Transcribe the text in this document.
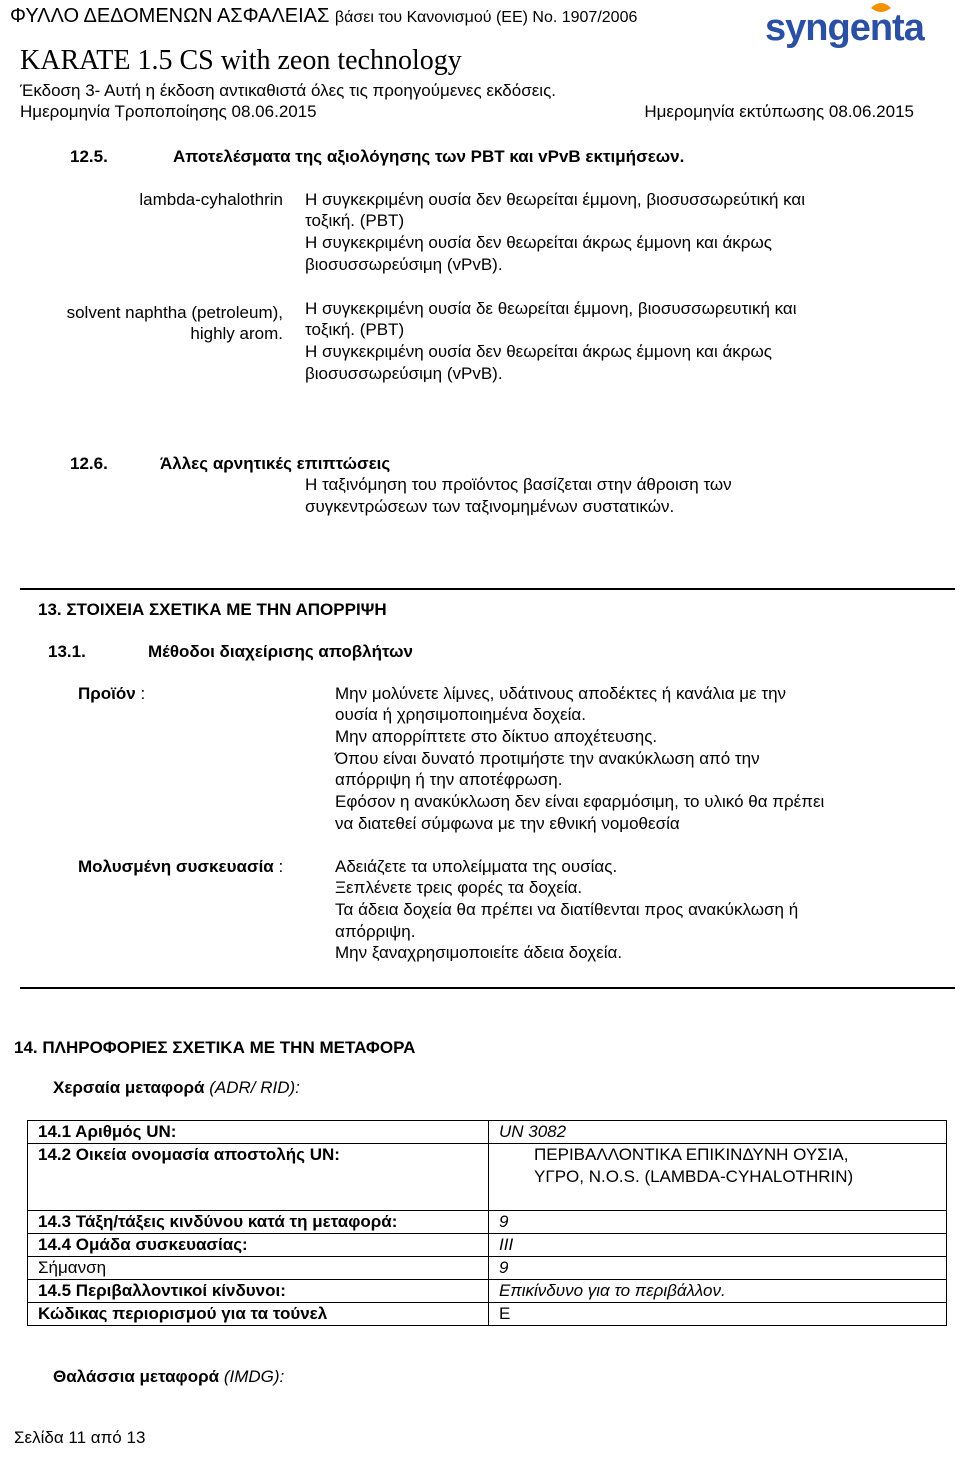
ΦΥΛΛΟ ΔΕΔΟΜΕΝΩΝ ΑΣΦΑΛΕΙΑΣ βάσει του Κανονισμού (ΕΕ) No. 1907/2006	syngenta
KARATE 1.5 CS with zeon technology
Έκδοση 3- Αυτή η έκδοση αντικαθιστά όλες τις προηγούμενες εκδόσεις.
Ημερομηνία Τροποποίησης 08.06.2015	Ημερομηνία εκτύπωσης 08.06.2015
12.5.	Αποτελέσματα της αξιολόγησης των PBT και vPvB εκτιμήσεων.
lambda-cyhalothrin Η συγκεκριμένη ουσία δεν θεωρείται έμμονη, βιοσυσσωρεύτική και
τοξική. (PBT)
Η συγκεκριμένη ουσία δεν θεωρείται άκρως έμμονη και άκρως
βιοσυσσωρεύσιμη (vPvB).
solvent naphtha (petroleum),
highly arom.
Η συγκεκριμένη ουσία δε θεωρείται έμμονη, βιοσυσσωρευτική και
τοξική. (PBT)
Η συγκεκριμένη ουσία δεν θεωρείται άκρως έμμονη και άκρως
βιοσυσσωρεύσιμη (vPvB).
12.6.	Άλλες αρνητικές επιπτώσεις
Η ταξινόμηση του προϊόντος βασίζεται στην άθροιση των
συγκεντρώσεων των ταξινομημένων συστατικών.
13. ΣΤΟΙΧΕΙΑ ΣΧΕΤΙΚΑ ΜΕ ΤΗΝ ΑΠΟΡΡΙΨΗ
13.1.	Μέθοδοι διαχείρισης αποβλήτων
Προϊόν :	Μην μολύνετε λίμνες, υδάτινους αποδέκτες ή κανάλια με την
ουσία ή χρησιμοποιημένα δοχεία.
Μην απορρίπτετε στο δίκτυο αποχέτευσης.
Όπου είναι δυνατό προτιμήστε την ανακύκλωση από την
απόρριψη ή την αποτέφρωση.
Εφόσον η ανακύκλωση δεν είναι εφαρμόσιμη, το υλικό θα πρέπει
να διατεθεί σύμφωνα με την εθνική νομοθεσία
Μολυσμένη συσκευασία :	Αδειάζετε τα υπολείμματα της ουσίας.
Ξεπλένετε τρεις φορές τα δοχεία.
Τα άδεια δοχεία θα πρέπει να διατίθενται προς ανακύκλωση ή
απόρριψη.
Μην ξαναχρησιμοποιείτε άδεια δοχεία.
14. ΠΛΗΡΟΦΟΡΙΕΣ ΣΧΕΤΙΚΑ ΜΕ ΤΗΝ ΜΕΤΑΦΟΡΑ
Χερσαία μεταφορά (ADR/ RID):
14.1 Αριθμός UN:	UN 3082
14.2 Οικεία ονομασία αποστολής UN:	ΠΕΡΙΒΑΛΛΟΝΤΙΚΑ ΕΠΙΚΙΝΔΥΝΗ ΟΥΣΙΑ, ΥΓΡΟ, N.O.S. (LAMBDA-CYHALOTHRIN)

14.3 Τάξη/τάξεις κινδύνου κατά τη μεταφορά:	9
14.4 Ομάδα συσκευασίας:	III
Σήμανση	9
14.5 Περιβαλλοντικοί κίνδυνοι:	Επικίνδυνο για το περιβάλλον.
Κώδικας περιορισμού για τα τούνελ	E
Θαλάσσια μεταφορά (IMDG):
Σελίδα 11 από 13
